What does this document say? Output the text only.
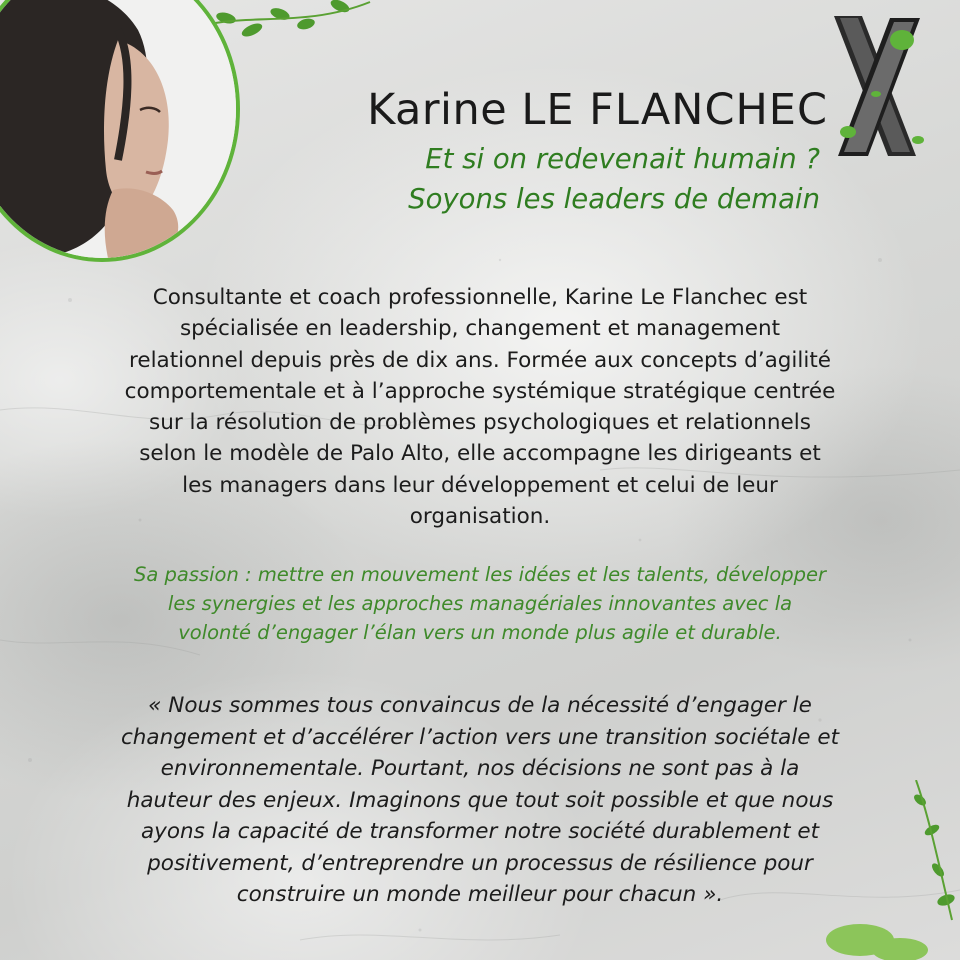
Karine LE FLANCHEC
Et si on redevenait humain ?
Soyons les leaders de demain

Consultante et coach professionnelle, Karine Le Flanchec est
spécialisée en leadership, changement et management
relationnel depuis près de dix ans. Formée aux concepts d’agilité
comportementale et à l’approche systémique stratégique centrée
sur la résolution de problèmes psychologiques et relationnels
selon le modèle de Palo Alto, elle accompagne les dirigeants et
les managers dans leur développement et celui de leur
organisation.

Sa passion : mettre en mouvement les idées et les talents, développer
les synergies et les approches managériales innovantes avec la
volonté d’engager l’élan vers un monde plus agile et durable.

« Nous sommes tous convaincus de la nécessité d’engager le
changement et d’accélérer l’action vers une transition sociétale et
environnementale. Pourtant, nos décisions ne sont pas à la
hauteur des enjeux. Imaginons que tout soit possible et que nous
ayons la capacité de transformer notre société durablement et
positivement, d’entreprendre un processus de résilience pour
construire un monde meilleur pour chacun ».
